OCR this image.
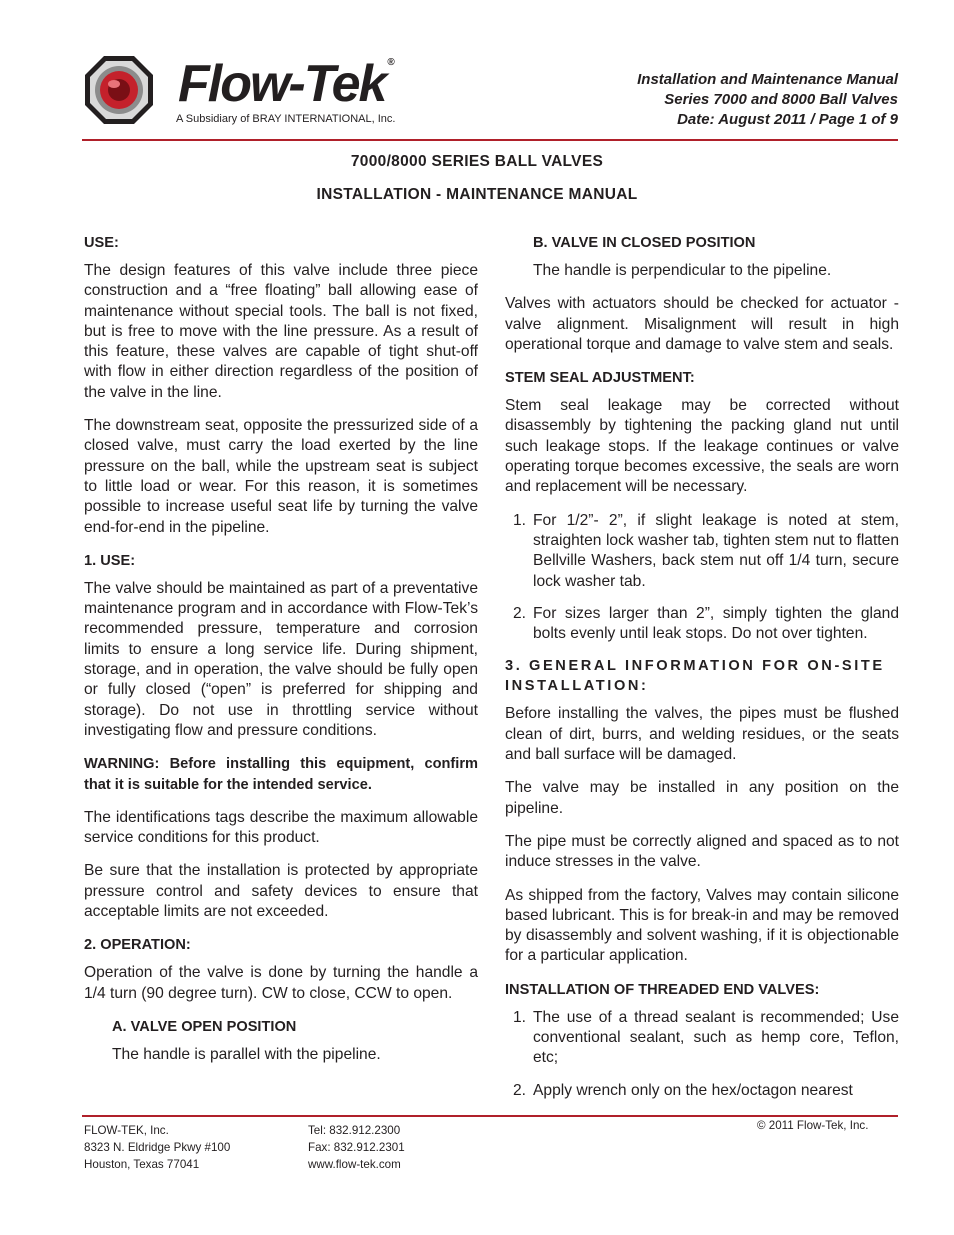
Flow-Tek ®
A Subsidiary of BRAY INTERNATIONAL, Inc.
Installation and Maintenance Manual
Series 7000 and 8000 Ball Valves
Date: August 2011 / Page 1 of 9
7000/8000 SERIES BALL VALVES
INSTALLATION - MAINTENANCE MANUAL
USE:

The design features of this valve include three piece construction and a “free floating” ball allowing ease of maintenance without special tools. The ball is not fixed, but is free to move with the line pressure. As a result of this feature, these valves are capable of tight shut-off with flow in either direction regardless of the position of the valve in the line.

The downstream seat, opposite the pressurized side of a closed valve, must carry the load exerted by the line pressure on the ball, while the upstream seat is subject to little load or wear. For this reason, it is sometimes possible to increase useful seat life by turning the valve end-for-end in the pipeline.

1. USE:

The valve should be maintained as part of a preventative maintenance program and in accordance with Flow-Tek’s recommended pressure, temperature and corrosion limits to ensure a long service life. During shipment, storage, and in operation, the valve should be fully open or fully closed (“open” is preferred for shipping and storage). Do not use in throttling service without investigating flow and pressure conditions.

WARNING: Before installing this equipment, confirm that it is suitable for the intended service.

The identifications tags describe the maximum allowable service conditions for this product.

Be sure that the installation is protected by appropriate pressure control and safety devices to ensure that acceptable limits are not exceeded.

2. OPERATION:

Operation of the valve is done by turning the handle a 1/4 turn (90 degree turn). CW to close, CCW to open.

A. VALVE OPEN POSITION

The handle is parallel with the pipeline.

B. VALVE IN CLOSED POSITION

The handle is perpendicular to the pipeline.

Valves with actuators should be checked for actuator -valve alignment. Misalignment will result in high operational torque and damage to valve stem and seals.

STEM SEAL ADJUSTMENT:

Stem seal leakage may be corrected without disassembly by tightening the packing gland nut until such leakage stops. If the leakage continues or valve operating torque becomes excessive, the seals are worn and replacement will be necessary.

1. For 1/2”- 2”, if slight leakage is noted at stem, straighten lock washer tab, tighten stem nut to flatten Bellville Washers, back stem nut off 1/4 turn, secure lock washer tab.
2. For sizes larger than 2”, simply tighten the gland bolts evenly until leak stops. Do not over tighten.
3. GENERAL INFORMATION FOR ON-SITE INSTALLATION:

Before installing the valves, the pipes must be flushed clean of dirt, burrs, and welding residues, or the seats and ball surface will be damaged.

The valve may be installed in any position on the pipeline.

The pipe must be correctly aligned and spaced as to not induce stresses in the valve.

As shipped from the factory, Valves may contain silicone based lubricant. This is for break-in and may be removed by disassembly and solvent washing, if it is objectionable for a particular application.

INSTALLATION OF THREADED END VALVES:
1. The use of a thread sealant is recommended; Use conventional sealant, such as hemp core, Teflon, etc;
2. Apply wrench only on the hex/octagon nearest
FLOW-TEK, Inc.
8323 N. Eldridge Pkwy #100
Houston, Texas 77041
Tel: 832.912.2300
Fax: 832.912.2301
www.flow-tek.com
© 2011 Flow-Tek, Inc.
